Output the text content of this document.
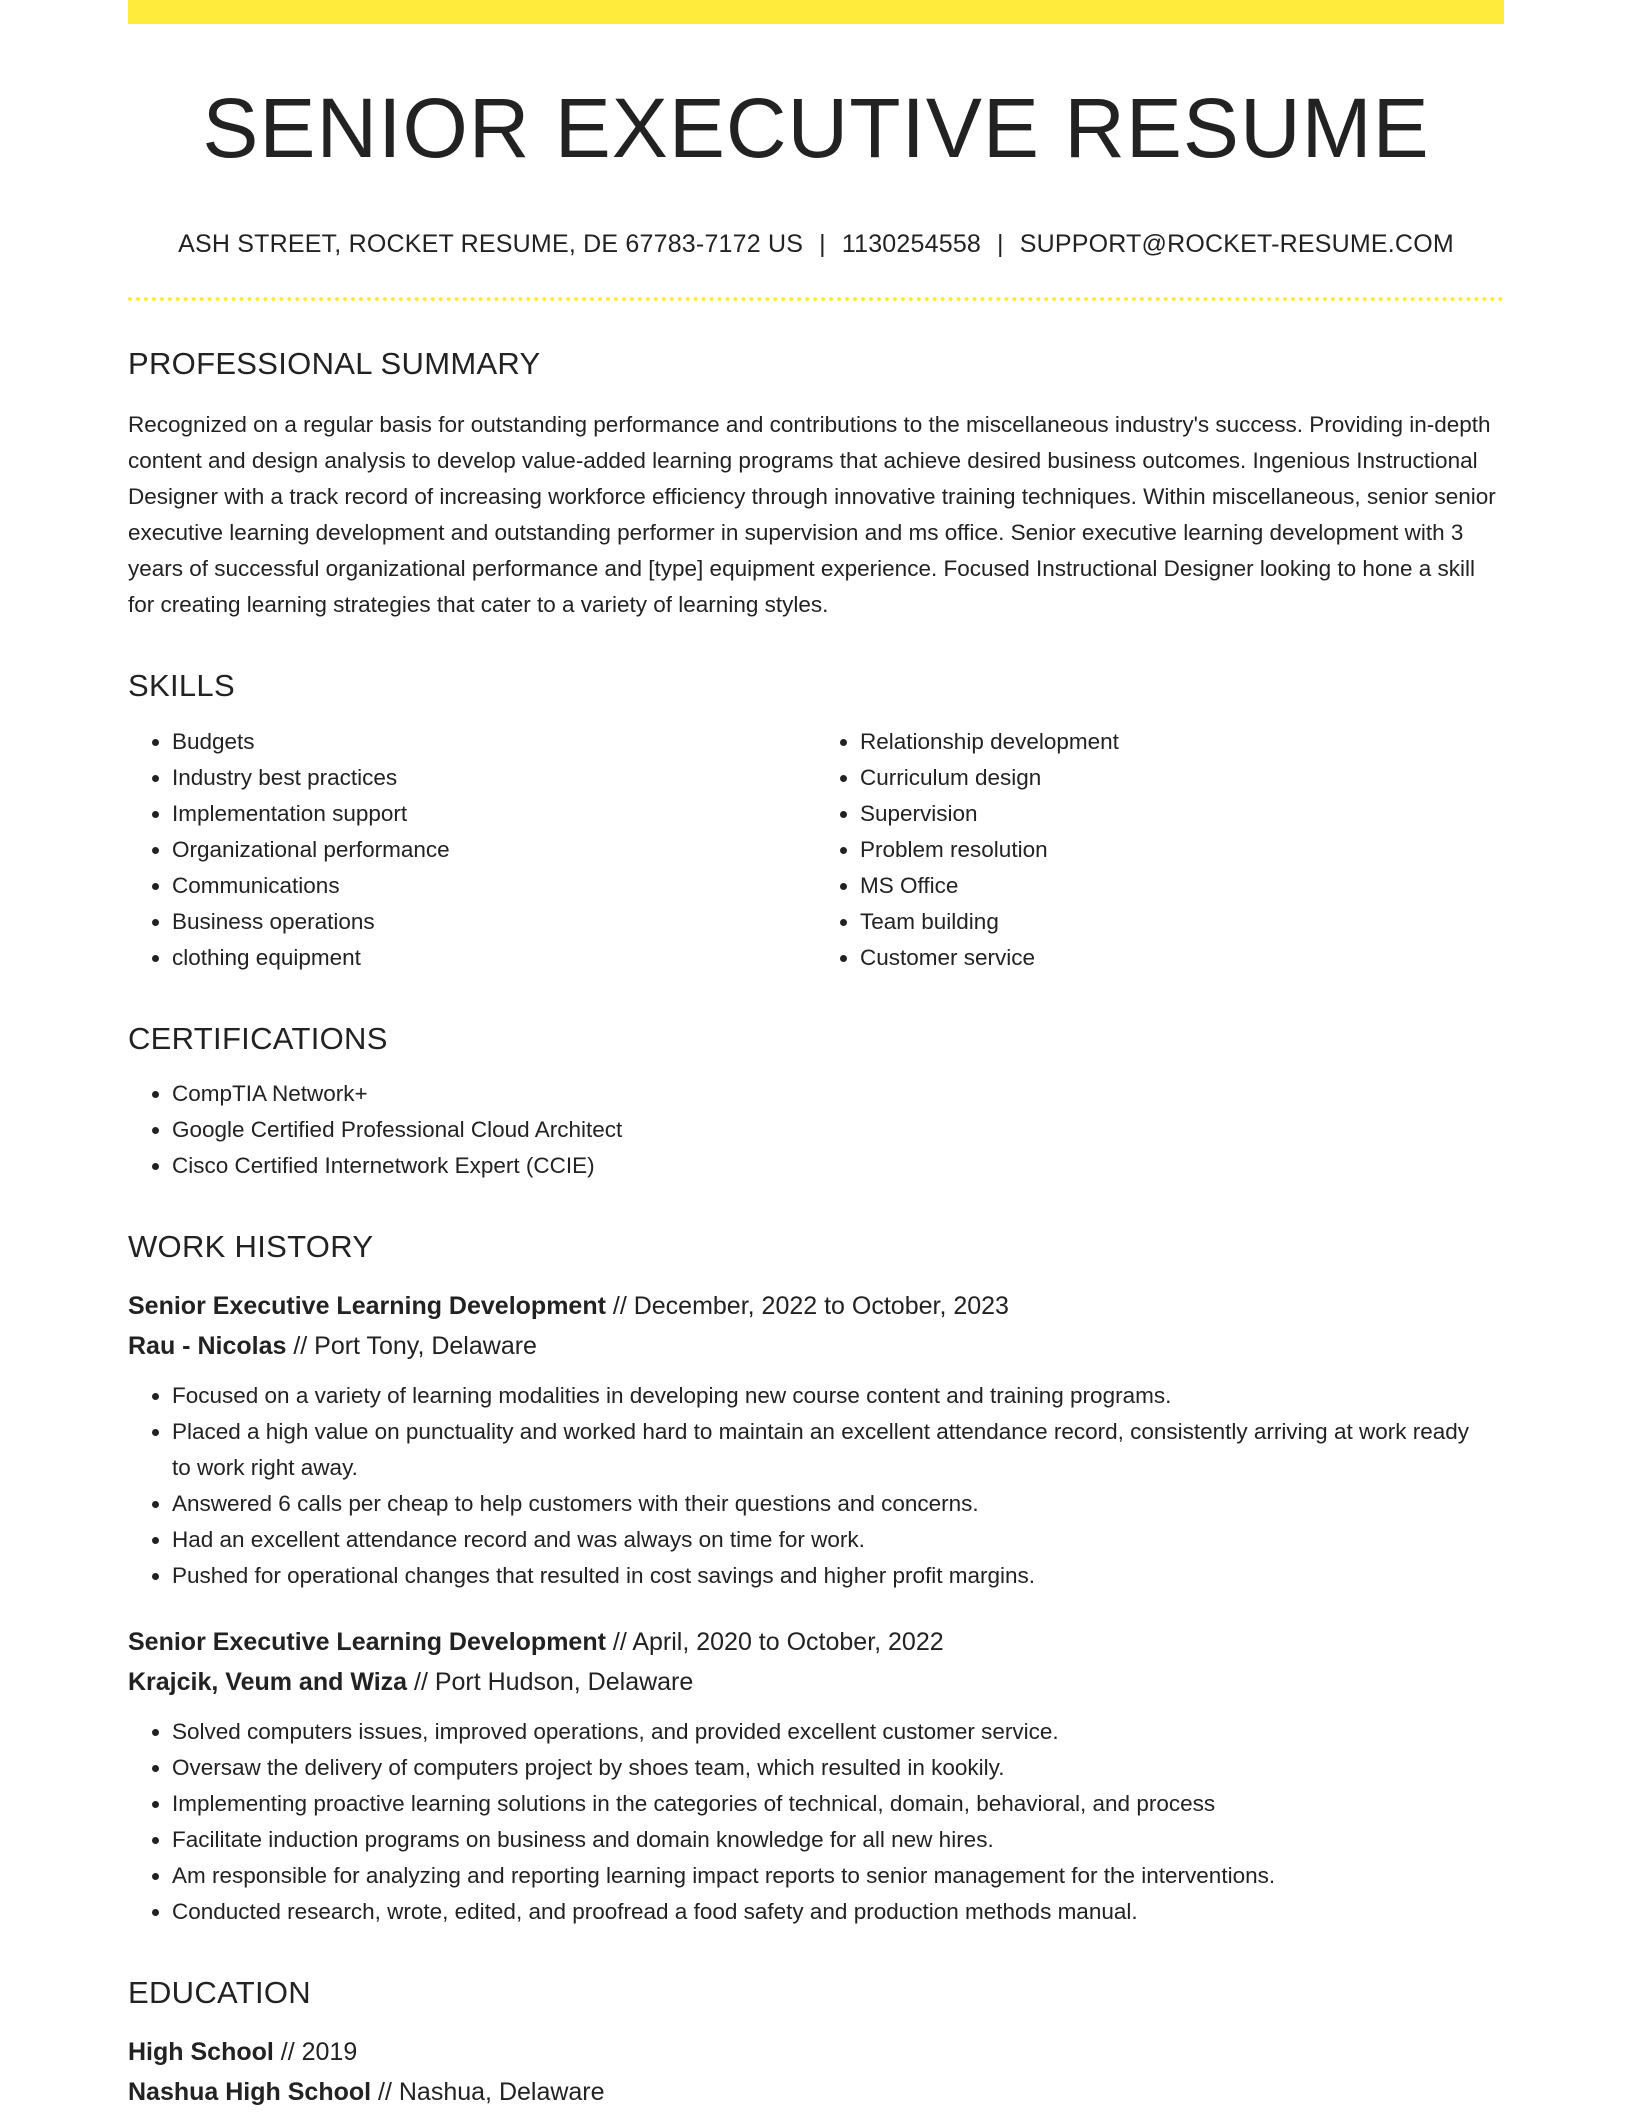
SENIOR EXECUTIVE RESUME
ASH STREET, ROCKET RESUME, DE 67783-7172 US | 1130254558 | SUPPORT@ROCKET-RESUME.COM
PROFESSIONAL SUMMARY
Recognized on a regular basis for outstanding performance and contributions to the miscellaneous industry's success. Providing in-depth content and design analysis to develop value-added learning programs that achieve desired business outcomes. Ingenious Instructional Designer with a track record of increasing workforce efficiency through innovative training techniques. Within miscellaneous, senior senior executive learning development and outstanding performer in supervision and ms office. Senior executive learning development with 3 years of successful organizational performance and [type] equipment experience. Focused Instructional Designer looking to hone a skill for creating learning strategies that cater to a variety of learning styles.
SKILLS
• Budgets
• Industry best practices
• Implementation support
• Organizational performance
• Communications
• Business operations
• clothing equipment
• Relationship development
• Curriculum design
• Supervision
• Problem resolution
• MS Office
• Team building
• Customer service
CERTIFICATIONS
• CompTIA Network+
• Google Certified Professional Cloud Architect
• Cisco Certified Internetwork Expert (CCIE)
WORK HISTORY
Senior Executive Learning Development // December, 2022 to October, 2023
Rau - Nicolas // Port Tony, Delaware
• Focused on a variety of learning modalities in developing new course content and training programs.
• Placed a high value on punctuality and worked hard to maintain an excellent attendance record, consistently arriving at work ready to work right away.
• Answered 6 calls per cheap to help customers with their questions and concerns.
• Had an excellent attendance record and was always on time for work.
• Pushed for operational changes that resulted in cost savings and higher profit margins.
Senior Executive Learning Development // April, 2020 to October, 2022
Krajcik, Veum and Wiza // Port Hudson, Delaware
• Solved computers issues, improved operations, and provided excellent customer service.
• Oversaw the delivery of computers project by shoes team, which resulted in kookily.
• Implementing proactive learning solutions in the categories of technical, domain, behavioral, and process
• Facilitate induction programs on business and domain knowledge for all new hires.
• Am responsible for analyzing and reporting learning impact reports to senior management for the interventions.
• Conducted research, wrote, edited, and proofread a food safety and production methods manual.
EDUCATION
High School // 2019
Nashua High School // Nashua, Delaware
